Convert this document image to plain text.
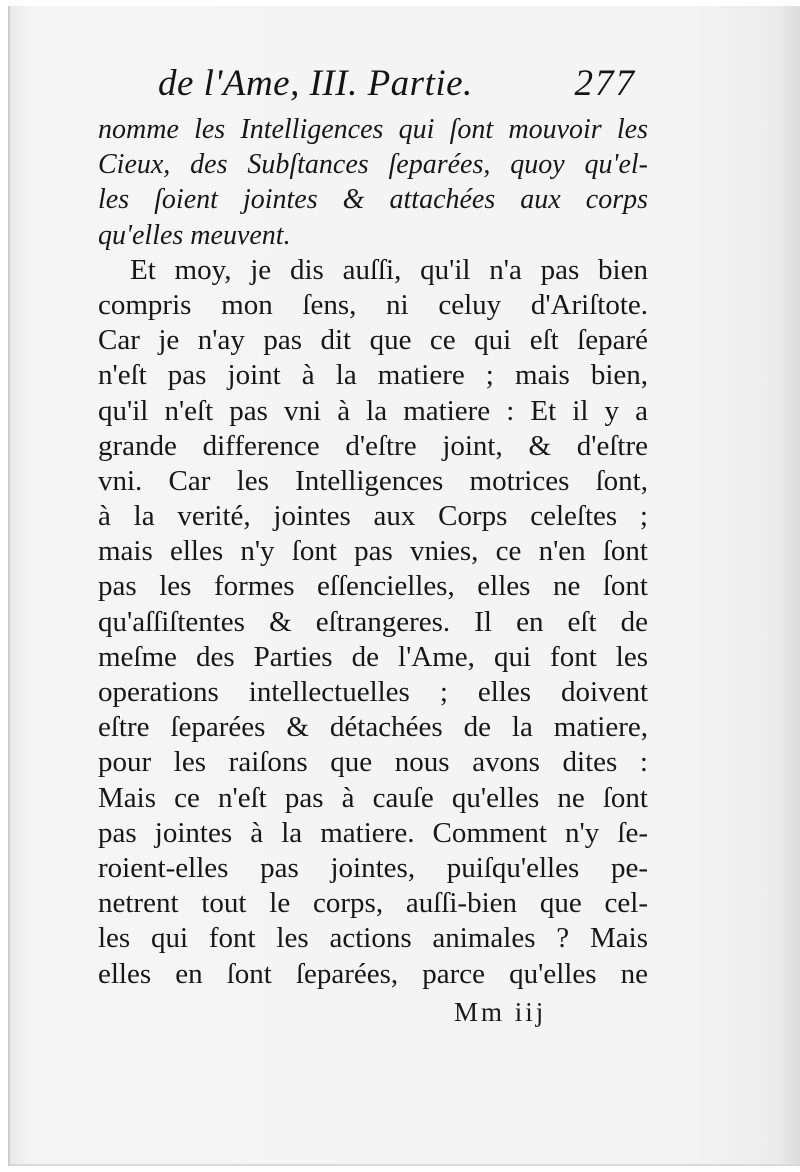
de l'Ame, III. Partie.	277
nomme les Intelligences qui ſont mouvoir les
Cieux, des Subſtances ſeparées, quoy qu'el-
les ſoient jointes & attachées aux corps
qu'elles meuvent.
Et moy, je dis auſſi, qu'il n'a pas bien
compris mon ſens, ni celuy d'Ariſtote.
Car je n'ay pas dit que ce qui eſt ſeparé
n'eſt pas joint à la matiere ; mais bien,
qu'il n'eſt pas vni à la matiere : Et il y a
grande difference d'eſtre joint, & d'eſtre
vni. Car les Intelligences motrices ſont,
à la verité, jointes aux Corps celeſtes ;
mais elles n'y ſont pas vnies, ce n'en ſont
pas les formes eſſencielles, elles ne ſont
qu'aſſiſtentes & eſtrangeres. Il en eſt de
meſme des Parties de l'Ame, qui font les
operations intellectuelles ; elles doivent
eſtre ſeparées & détachées de la matiere,
pour les raiſons que nous avons dites :
Mais ce n'eſt pas à cauſe qu'elles ne ſont
pas jointes à la matiere. Comment n'y ſe-
roient-elles pas jointes, puiſqu'elles pe-
netrent tout le corps, auſſi-bien que cel-
les qui font les actions animales ? Mais
elles en ſont ſeparées, parce qu'elles ne
Mm iij
